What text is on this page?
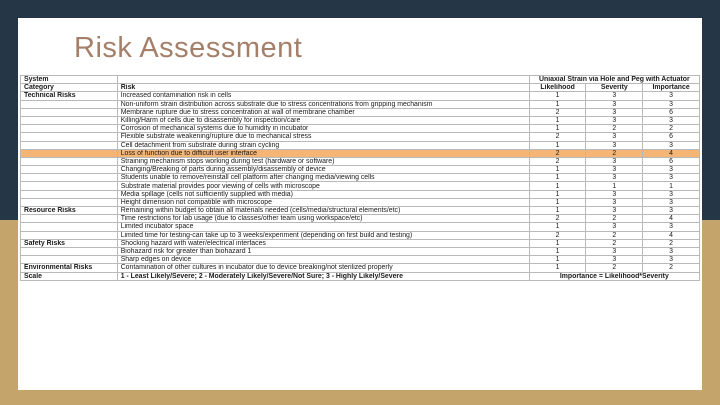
Risk Assessment
System		Uniaxial Strain via Hole and Peg with Actuator		
Category	Risk	Likelihood	Severity	Importance
Technical Risks	Increased contamination risk in cells	1	3	3
	Non-uniform strain distribution across substrate due to stress concentrations from gripping mechanism	1	3	3
	Membrane rupture due to stress concentration at wall of membrane chamber	2	3	6
	Killing/Harm of cells due to disassembly for inspection/care	1	3	3
	Corrosion of mechanical systems due to humidity in incubator	1	2	2
	Flexible substrate weakening/rupture due to mechanical stress	2	3	6
	Cell detachment from substrate during strain cycling	1	3	3
	Loss of function due to difficult user interface	2	2	4
	Straining mechanism stops working during test (hardware or software)	2	3	6
	Changing/Breaking of parts during assembly/disassembly of device	1	3	3
	Students unable to remove/reinstall cell platform after changing media/viewing cells	1	3	3
	Substrate material provides poor viewing of cells with microscope	1	1	1
	Media spillage (cells not sufficiently supplied with media)	1	3	3
	Height dimension not compatible with microscope	1	3	3
Resource Risks	Remaining within budget to obtain all materials needed (cells/media/structural elements/etc)	1	3	3
	Time restrictions for lab usage (due to classes/other team using workspace/etc)	2	2	4
	Limited incubator space	1	3	3
	Limited time for testing-can take up to 3 weeks/experiment (depending on first build and testing)	2	2	4
Safety Risks	Shocking hazard with water/electrical interfaces	1	2	2
	Biohazard risk for greater than biohazard 1	1	3	3
	Sharp edges on device	1	3	3
Environmental Risks	Contamination of other cultures in incubator due to device breaking/not sterilized properly	1	2	2
Scale	1 - Least Likely/Severe; 2 - Moderately Likely/Severe/Not Sure; 3 - Highly Likely/Severe	Importance = Likelihood*Severity		
